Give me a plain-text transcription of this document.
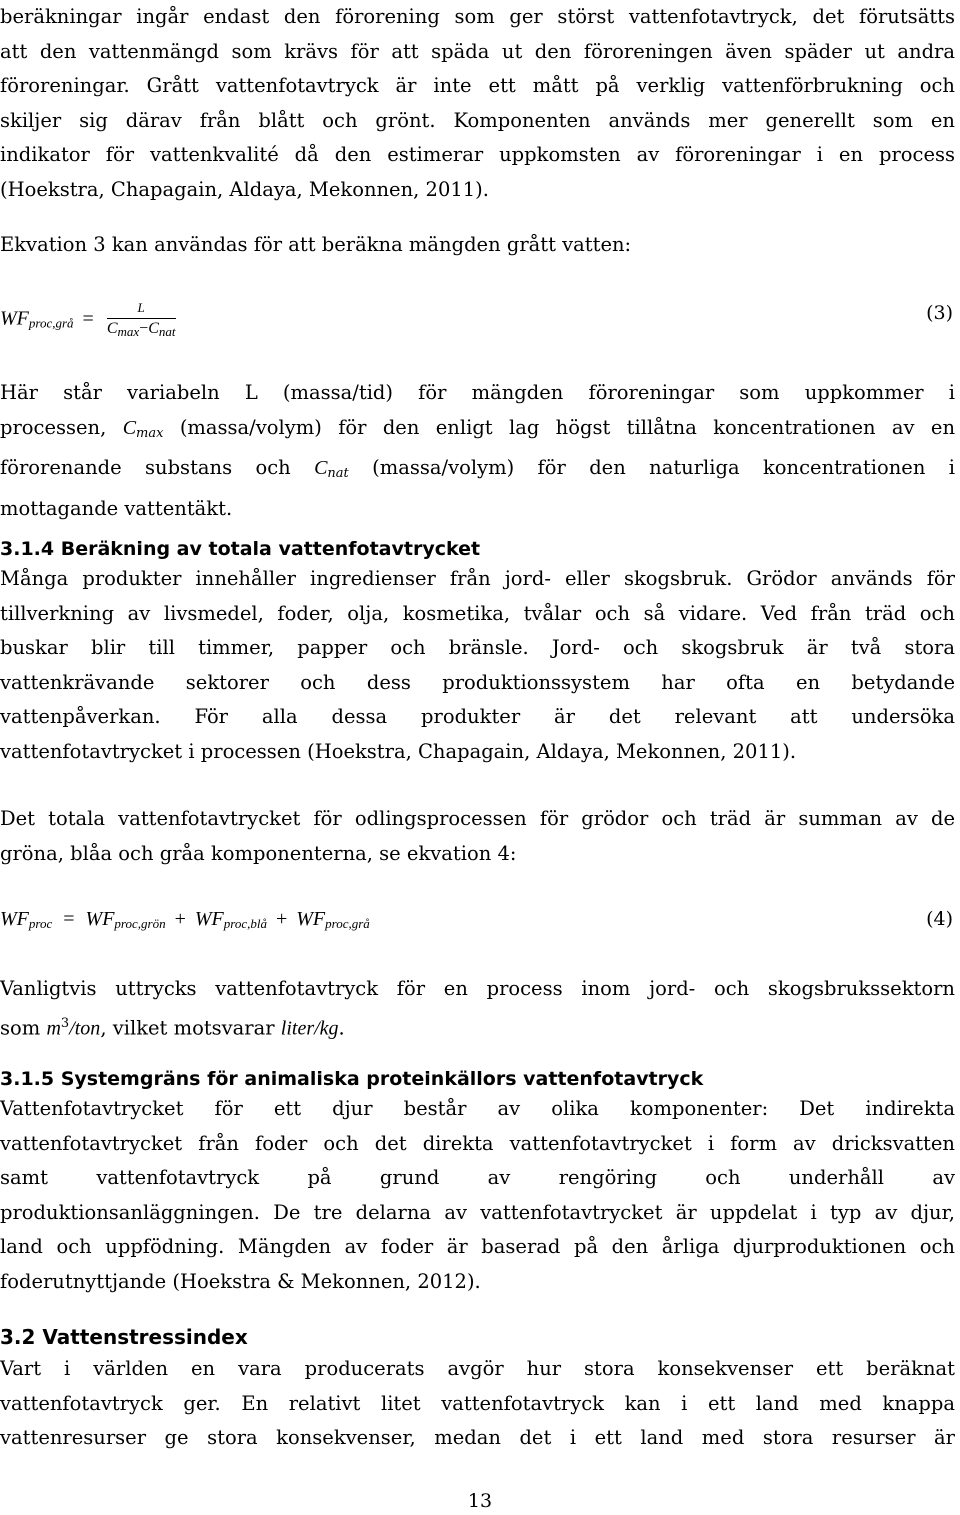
beräkningar ingår endast den förorening som ger störst vattenfotavtryck, det förutsätts
att den vattenmängd som krävs för att späda ut den föroreningen även späder ut andra
föroreningar. Grått vattenfotavtryck är inte ett mått på verklig vattenförbrukning och
skiljer sig därav från blått och grönt. Komponenten används mer generellt som en
indikator för vattenkvalité då den estimerar uppkomsten av föroreningar i en process
(Hoekstra, Chapagain, Aldaya, Mekonnen, 2011).

Ekvation 3 kan användas för att beräkna mängden grått vatten:

$WF_{proc,grå} = \frac{L}{C_{max}-C_{nat}}$	(3)

Här står variabeln L (massa/tid) för mängden föroreningar som uppkommer i
processen, $C_{max}$ (massa/volym) för den enligt lag högst tillåtna koncentrationen av en
förorenande substans och $C_{nat}$ (massa/volym) för den naturliga koncentrationen i
mottagande vattentäkt.

3.1.4 Beräkning av totala vattenfotavtrycket

Många produkter innehåller ingredienser från jord- eller skogsbruk. Grödor används för
tillverkning av livsmedel, foder, olja, kosmetika, tvålar och så vidare. Ved från träd och
buskar blir till timmer, papper och bränsle. Jord- och skogsbruk är två stora
vattenkrävande sektorer och dess produktionssystem har ofta en betydande
vattenpåverkan. För alla dessa produkter är det relevant att undersöka
vattenfotavtrycket i processen (Hoekstra, Chapagain, Aldaya, Mekonnen, 2011).

Det totala vattenfotavtrycket för odlingsprocessen för grödor och träd är summan av de
gröna, blåa och gråa komponenterna, se ekvation 4:

$WF_{proc} = WF_{proc,grön} + WF_{proc,blå} + WF_{proc,grå}$	(4)

Vanligtvis uttrycks vattenfotavtryck för en process inom jord- och skogsbrukssektorn
som $m^3$/ton, vilket motsvarar liter/kg.

3.1.5 Systemgräns för animaliska proteinkällors vattenfotavtryck

Vattenfotavtrycket för ett djur består av olika komponenter: Det indirekta
vattenfotavtrycket från foder och det direkta vattenfotavtrycket i form av dricksvatten
samt vattenfotavtryck på grund av rengöring och underhåll av
produktionsanläggningen. De tre delarna av vattenfotavtrycket är uppdelat i typ av djur,
land och uppfödning. Mängden av foder är baserad på den årliga djurproduktionen och
foderutnyttjande (Hoekstra & Mekonnen, 2012).

3.2 Vattenstressindex

Vart i världen en vara producerats avgör hur stora konsekvenser ett beräknat
vattenfotavtryck ger. En relativt litet vattenfotavtryck kan i ett land med knappa
vattenresurser ge stora konsekvenser, medan det i ett land med stora resurser är

13
